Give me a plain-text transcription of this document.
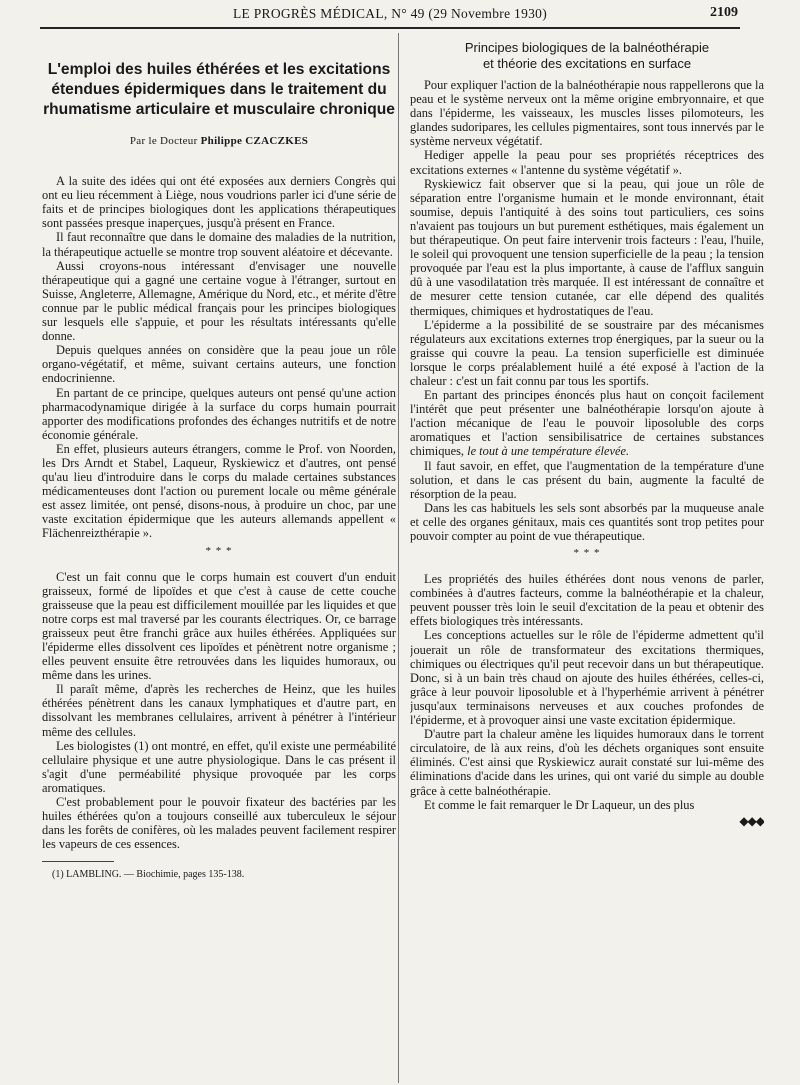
LE PROGRÈS MÉDICAL, N° 49 (29 Novembre 1930)	2109
L'emploi des huiles éthérées et les excitations étendues épidermiques dans le traitement du rhumatisme articulaire et musculaire chronique
Par le Docteur Philippe CZACZKES

A la suite des idées qui ont été exposées aux derniers Congrès qui ont eu lieu récemment à Liège, nous voudrions parler ici d'une série de faits et de principes biologiques dont les applications thérapeutiques sont passées presque inaperçues, jusqu'à présent en France.

Il faut reconnaître que dans le domaine des maladies de la nutrition, la thérapeutique actuelle se montre trop souvent aléatoire et décevante.

Aussi croyons-nous intéressant d'envisager une nouvelle thérapeutique qui a gagné une certaine vogue à l'étranger, surtout en Suisse, Angleterre, Allemagne, Amérique du Nord, etc., et mérite d'être connue par le public médical français pour les principes biologiques sur lesquels elle s'appuie, et pour les résultats intéressants qu'elle donne.

Depuis quelques années on considère que la peau joue un rôle organo-végétatif, et même, suivant certains auteurs, une fonction endocrinienne.

En partant de ce principe, quelques auteurs ont pensé qu'une action pharmacodynamique dirigée à la surface du corps humain pourrait apporter des modifications profondes des échanges nutritifs et de notre économie générale.

En effet, plusieurs auteurs étrangers, comme le Prof. von Noorden, les Drs Arndt et Stabel, Laqueur, Ryskiewicz et d'autres, ont pensé qu'au lieu d'introduire dans le corps du malade certaines substances médicamenteuses dont l'action ou purement locale ou même générale est assez limitée, ont pensé, disons-nous, à produire un choc, par une vaste excitation épidermique que les auteurs allemands appellent « Flächenreizthérapie ».

* * *

C'est un fait connu que le corps humain est couvert d'un enduit graisseux, formé de lipoïdes et que c'est à cause de cette couche graisseuse que la peau est difficilement mouillée par les liquides et que notre corps est mal traversé par les courants électriques. Or, ce barrage graisseux peut être franchi grâce aux huiles éthérées. Appliquées sur l'épiderme elles dissolvent ces lipoïdes et pénètrent notre organisme ; elles peuvent ensuite être retrouvées dans les liquides humoraux, ou même dans les urines.

Il paraît même, d'après les recherches de Heinz, que les huiles éthérées pénètrent dans les canaux lymphatiques et d'autre part, en dissolvant les membranes cellulaires, arrivent à pénétrer à l'intérieur même des cellules.

Les biologistes (1) ont montré, en effet, qu'il existe une perméabilité cellulaire physique et une autre physiologique. Dans le cas présent il s'agit d'une perméabilité physique provoquée par les corps aromatiques.

C'est probablement pour le pouvoir fixateur des bactéries par les huiles éthérées qu'on a toujours conseillé aux tuberculeux le séjour dans les forêts de conifères, où les malades peuvent facilement respirer les vapeurs de ces essences.

(1) LAMBLING. — Biochimie, pages 135-138.

Principes biologiques de la balnéothérapie
et théorie des excitations en surface

Pour expliquer l'action de la balnéothérapie nous rappellerons que la peau et le système nerveux ont la même origine embryonnaire, et que dans l'épiderme, les vaisseaux, les muscles lisses pilomoteurs, les glandes sudoripares, les cellules pigmentaires, sont tous innervés par le système nerveux végétatif.

Hediger appelle la peau pour ses propriétés réceptrices des excitations externes « l'antenne du système végétatif ».

Ryskiewicz fait observer que si la peau, qui joue un rôle de séparation entre l'organisme humain et le monde environnant, était soumise, depuis l'antiquité à des soins tout particuliers, ces soins n'avaient pas toujours un but purement esthétiques, mais également un but thérapeutique. On peut faire intervenir trois facteurs : l'eau, l'huile, le soleil qui provoquent une tension superficielle de la peau ; la tension provoquée par l'eau est la plus importante, à cause de l'afflux sanguin dû à une vasodilatation très marquée. Il est intéressant de connaître et de mesurer cette tension cutanée, car elle dépend des qualités thermiques, chimiques et hydrostatiques de l'eau.

L'épiderme a la possibilité de se soustraire par des mécanismes régulateurs aux excitations externes trop énergiques, par la sueur ou la graisse qui couvre la peau. La tension superficielle est diminuée lorsque le corps préalablement huilé a été exposé à l'action de la chaleur : c'est un fait connu par tous les sportifs.

En partant des principes énoncés plus haut on conçoit facilement l'intérêt que peut présenter une balnéothérapie lorsqu'on ajoute à l'action mécanique de l'eau le pouvoir liposoluble des corps aromatiques et l'action sensibilisatrice de certaines substances chimiques, le tout à une température élevée.

Il faut savoir, en effet, que l'augmentation de la température d'une solution, et dans le cas présent du bain, augmente la faculté de résorption de la peau.

Dans les cas habituels les sels sont absorbés par la muqueuse anale et celle des organes génitaux, mais ces quantités sont trop petites pour pouvoir compter au point de vue thérapeutique.

* * *

Les propriétés des huiles éthérées dont nous venons de parler, combinées à d'autres facteurs, comme la balnéothérapie et la chaleur, peuvent pousser très loin le seuil d'excitation de la peau et obtenir des effets biologiques très intéressants.

Les conceptions actuelles sur le rôle de l'épiderme admettent qu'il jouerait un rôle de transformateur des excitations thermiques, chimiques ou électriques qu'il peut recevoir dans un but thérapeutique. Donc, si à un bain très chaud on ajoute des huiles éthérées, celles-ci, grâce à leur pouvoir liposoluble et à l'hyperhémie arrivent à pénétrer jusqu'aux terminaisons nerveuses et aux couches profondes de l'épiderme, et à provoquer ainsi une vaste excitation épidermique.

D'autre part la chaleur amène les liquides humoraux dans le torrent circulatoire, de là aux reins, d'où les déchets organiques sont ensuite éliminés. C'est ainsi que Ryskiewicz aurait constaté sur lui-même des éliminations d'acide dans les urines, qui ont varié du simple au double grâce à cette balnéothérapie.

Et comme le fait remarquer le Dr Laqueur, un des plus

◆◆◆
